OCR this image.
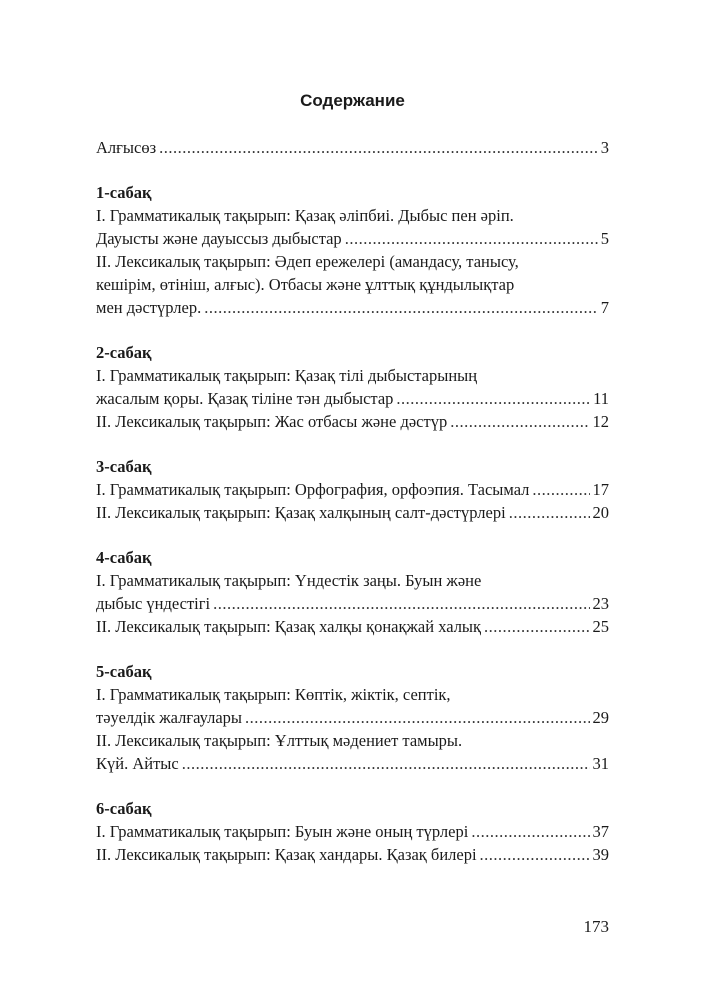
Содержание
Алғысөз .....	3
1-сабақ
I. Грамматикалық тақырып: Қазақ әліпбиі. Дыбыс пен әріп.
Дауысты және дауыссыз дыбыстар .....	5
II. Лексикалық тақырып: Әдеп ережелері (амандасу, танысу,
кешірім, өтініш, алғыс). Отбасы және ұлттық құндылықтар
мен дәстүрлер. .....	7
2-сабақ
I. Грамматикалық тақырып: Қазақ тілі дыбыстарының
жасалым қоры. Қазақ тіліне тән дыбыстар .....	11
II. Лексикалық тақырып: Жас отбасы және дәстүр .....	12
3-сабақ
I. Грамматикалық тақырып: Орфография, орфоэпия. Тасымал .....	17
II. Лексикалық тақырып: Қазақ халқының салт-дәстүрлері .....	20
4-сабақ
I. Грамматикалық тақырып: Үндестік заңы. Буын және
дыбыс үндестігі .....	23
II. Лексикалық тақырып: Қазақ халқы қонақжай халық .....	25
5-сабақ
I. Грамматикалық тақырып: Көптік, жіктік, септік,
тәуелдік жалғаулары .....	29
II. Лексикалық тақырып: Ұлттық мәдениет тамыры.
Күй. Айтыс .....	31
6-сабақ
I. Грамматикалық тақырып: Буын және оның түрлері .....	37
II. Лексикалық тақырып: Қазақ хандары. Қазақ билері .....	39
173
